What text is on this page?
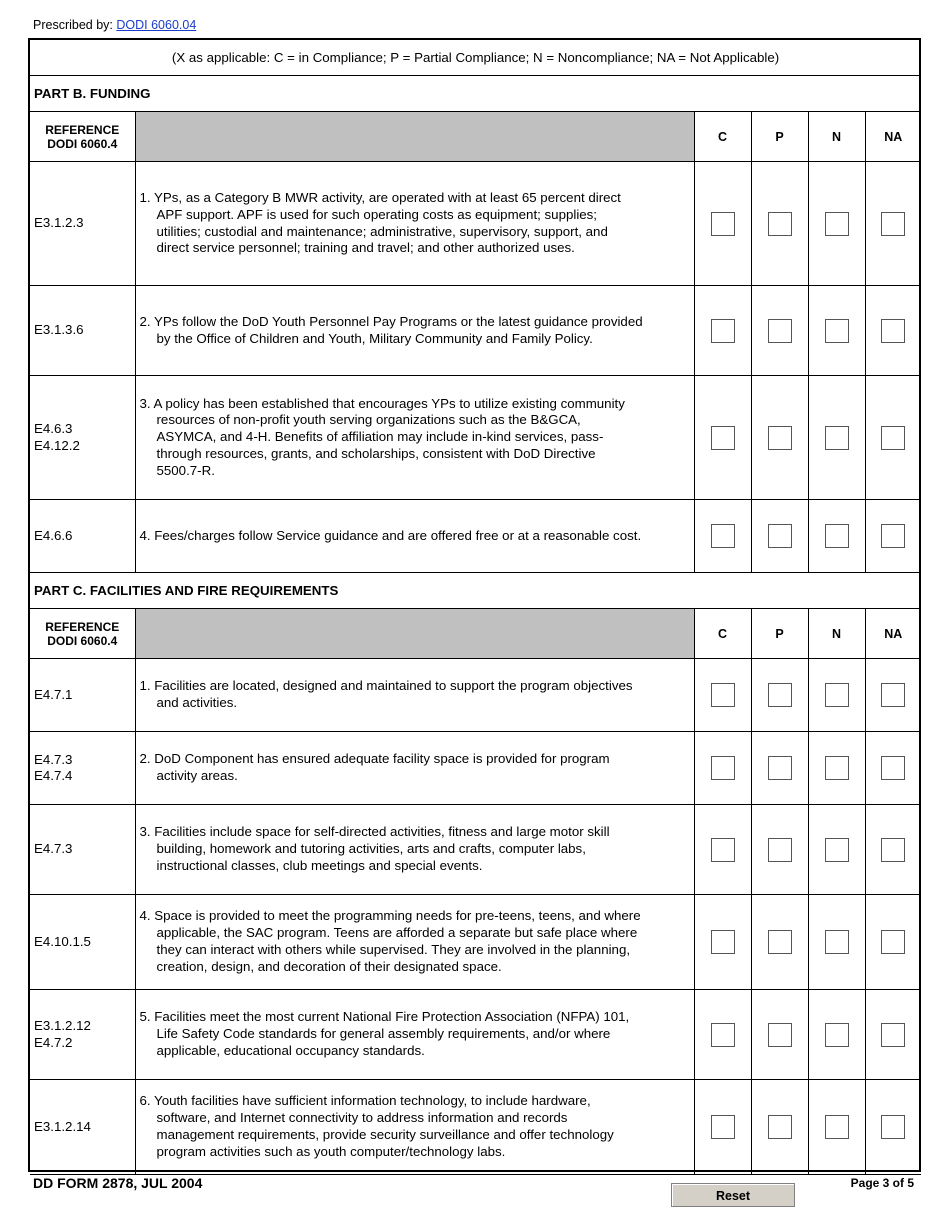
Prescribed by: DODI 6060.04
(X as applicable: C = in Compliance; P = Partial Compliance; N = Noncompliance; NA = Not Applicable)					
PART B. FUNDING					

REFERENCE
DODI 6060.4		C	P	N	NA

E3.1.2.3	1. YPs, as a Category B MWR activity, are operated with at least 65 percent direct APF support. APF is used for such operating costs as equipment; supplies; utilities; custodial and maintenance; administrative, supervisory, support, and direct service personnel; training and travel; and other authorized uses.				

E3.1.3.6	2. YPs follow the DoD Youth Personnel Pay Programs or the latest guidance provided by the Office of Children and Youth, Military Community and Family Policy.				

E4.6.3
E4.12.2	3. A policy has been established that encourages YPs to utilize existing community resources of non-profit youth serving organizations such as the B&GCA, ASYMCA, and 4-H. Benefits of affiliation may include in-kind services, pass-through resources, grants, and scholarships, consistent with DoD Directive 5500.7-R.				

E4.6.6	4. Fees/charges follow Service guidance and are offered free or at a reasonable cost.				

PART C. FACILITIES AND FIRE REQUIREMENTS					

REFERENCE
DODI 6060.4		C	P	N	NA

E4.7.1	1. Facilities are located, designed and maintained to support the program objectives and activities.				

E4.7.3
E4.7.4	2. DoD Component has ensured adequate facility space is provided for program activity areas.				

E4.7.3	3. Facilities include space for self-directed activities, fitness and large motor skill building, homework and tutoring activities, arts and crafts, computer labs, instructional classes, club meetings and special events.				

E4.10.1.5	4. Space is provided to meet the programming needs for pre-teens, teens, and where applicable, the SAC program. Teens are afforded a separate but safe place where they can interact with others while supervised. They are involved in the planning, creation, design, and decoration of their designated space.				

E3.1.2.12
E4.7.2	5. Facilities meet the most current National Fire Protection Association (NFPA) 101, Life Safety Code standards for general assembly requirements, and/or where applicable, educational occupancy standards.				

E3.1.2.14	6. Youth facilities have sufficient information technology, to include hardware, software, and Internet connectivity to address information and records management requirements, provide security surveillance and offer technology program activities such as youth computer/technology labs.				

DD FORM 2878, JUL 2004
Reset
Page 3 of 5
